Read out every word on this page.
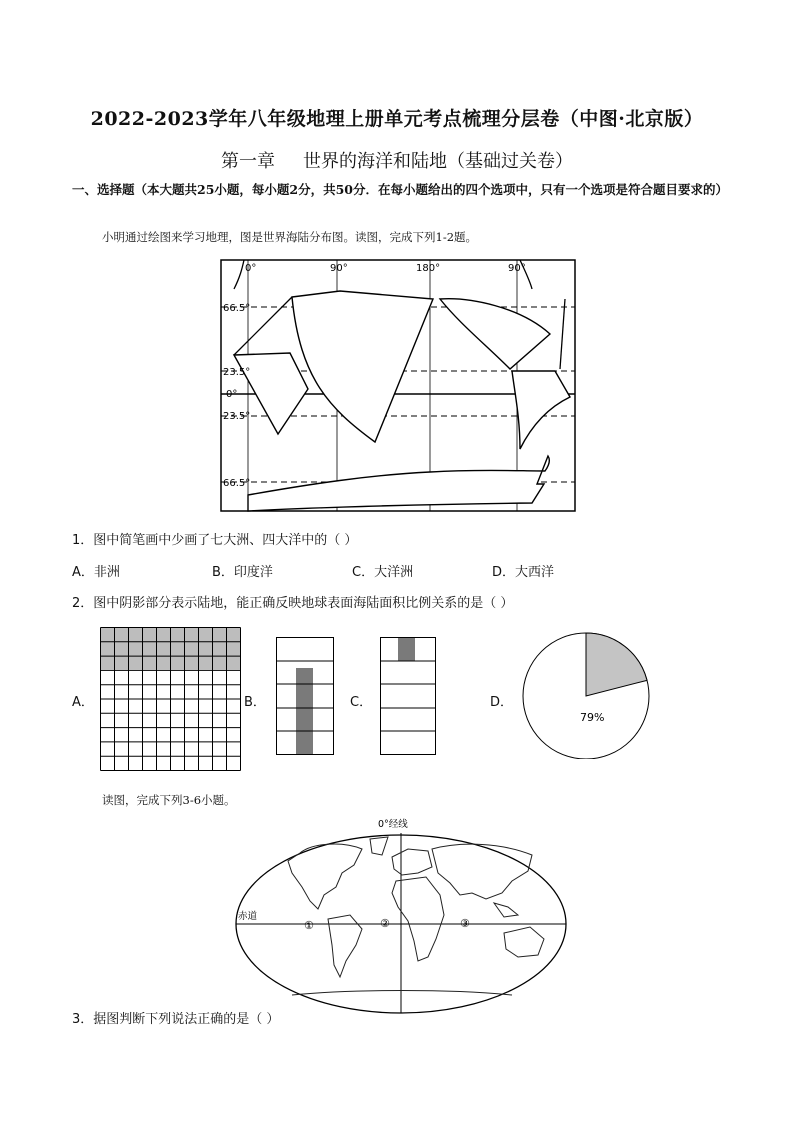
2022-2023学年八年级地理上册单元考点梳理分层卷（中图·北京版）
第一章 世界的海洋和陆地（基础过关卷）
一、选择题（本大题共25小题，每小题2分，共50分．在每小题给出的四个选项中，只有一个选项是符合题目要求的）
小明通过绘图来学习地理，图是世界海陆分布图。读图，完成下列1-2题。
0°	90°	180°	90°
66.5°
23.5°
0°
23.5°
66.5°
1．图中简笔画中少画了七大洲、四大洋中的（ ）
A．非洲	B．印度洋	C．大洋洲	D．大西洋
2．图中阴影部分表示陆地，能正确反映地球表面海陆面积比例关系的是（ ）
A．	B．	C．	D．
79%
读图，完成下列3-6小题。
0°经线
赤道
①	②	③
3．据图判断下列说法正确的是（ ）
